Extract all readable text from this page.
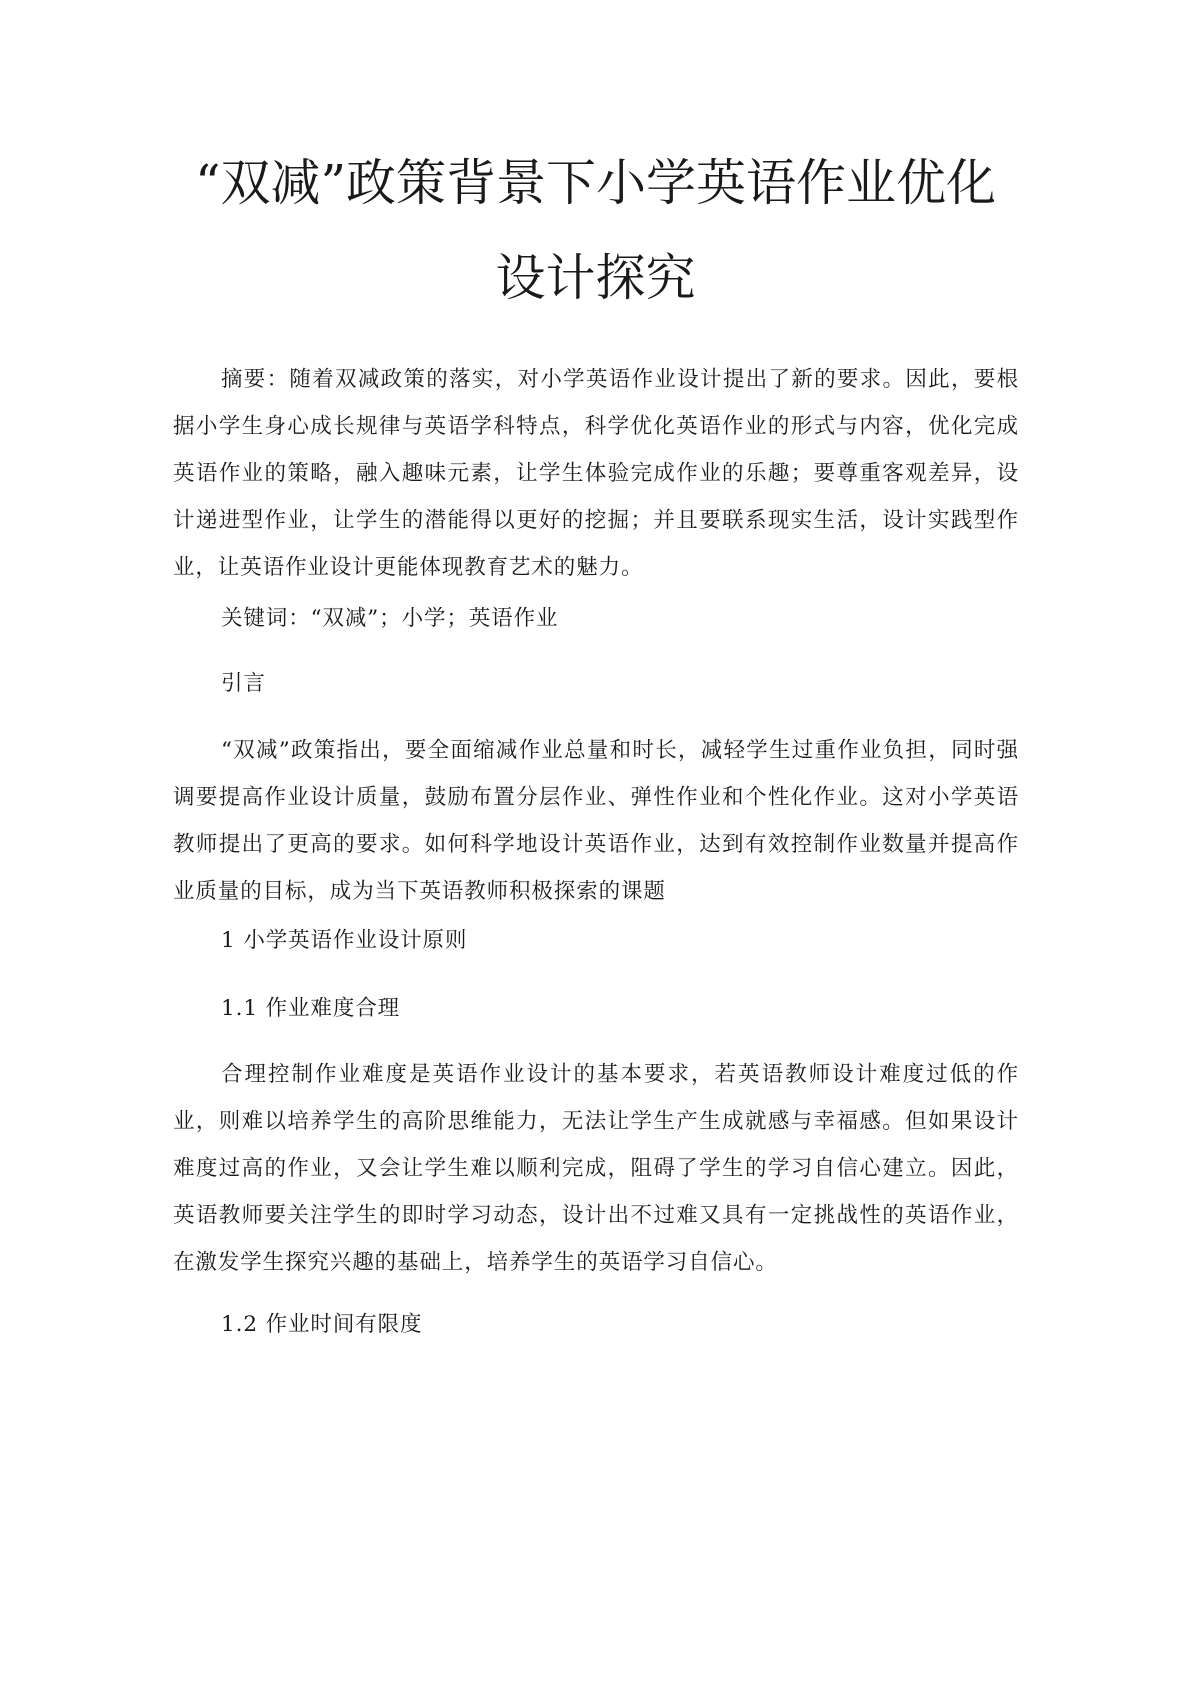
“双减”政策背景下小学英语作业优化
设计探究

摘要：随着双减政策的落实，对小学英语作业设计提出了新的要求。因此，要根据小学生身心成长规律与英语学科特点，科学优化英语作业的形式与内容，优化完成英语作业的策略，融入趣味元素，让学生体验完成作业的乐趣；要尊重客观差异，设计递进型作业，让学生的潜能得以更好的挖掘；并且要联系现实生活，设计实践型作业，让英语作业设计更能体现教育艺术的魅力。

关键词：“双减”；小学；英语作业

引言

“双减”政策指出，要全面缩减作业总量和时长，减轻学生过重作业负担，同时强调要提高作业设计质量，鼓励布置分层作业、弹性作业和个性化作业。这对小学英语教师提出了更高的要求。如何科学地设计英语作业，达到有效控制作业数量并提高作业质量的目标，成为当下英语教师积极探索的课题

1 小学英语作业设计原则

1.1 作业难度合理

合理控制作业难度是英语作业设计的基本要求，若英语教师设计难度过低的作业，则难以培养学生的高阶思维能力，无法让学生产生成就感与幸福感。但如果设计难度过高的作业，又会让学生难以顺利完成，阻碍了学生的学习自信心建立。因此，英语教师要关注学生的即时学习动态，设计出不过难又具有一定挑战性的英语作业，在激发学生探究兴趣的基础上，培养学生的英语学习自信心。

1.2 作业时间有限度
